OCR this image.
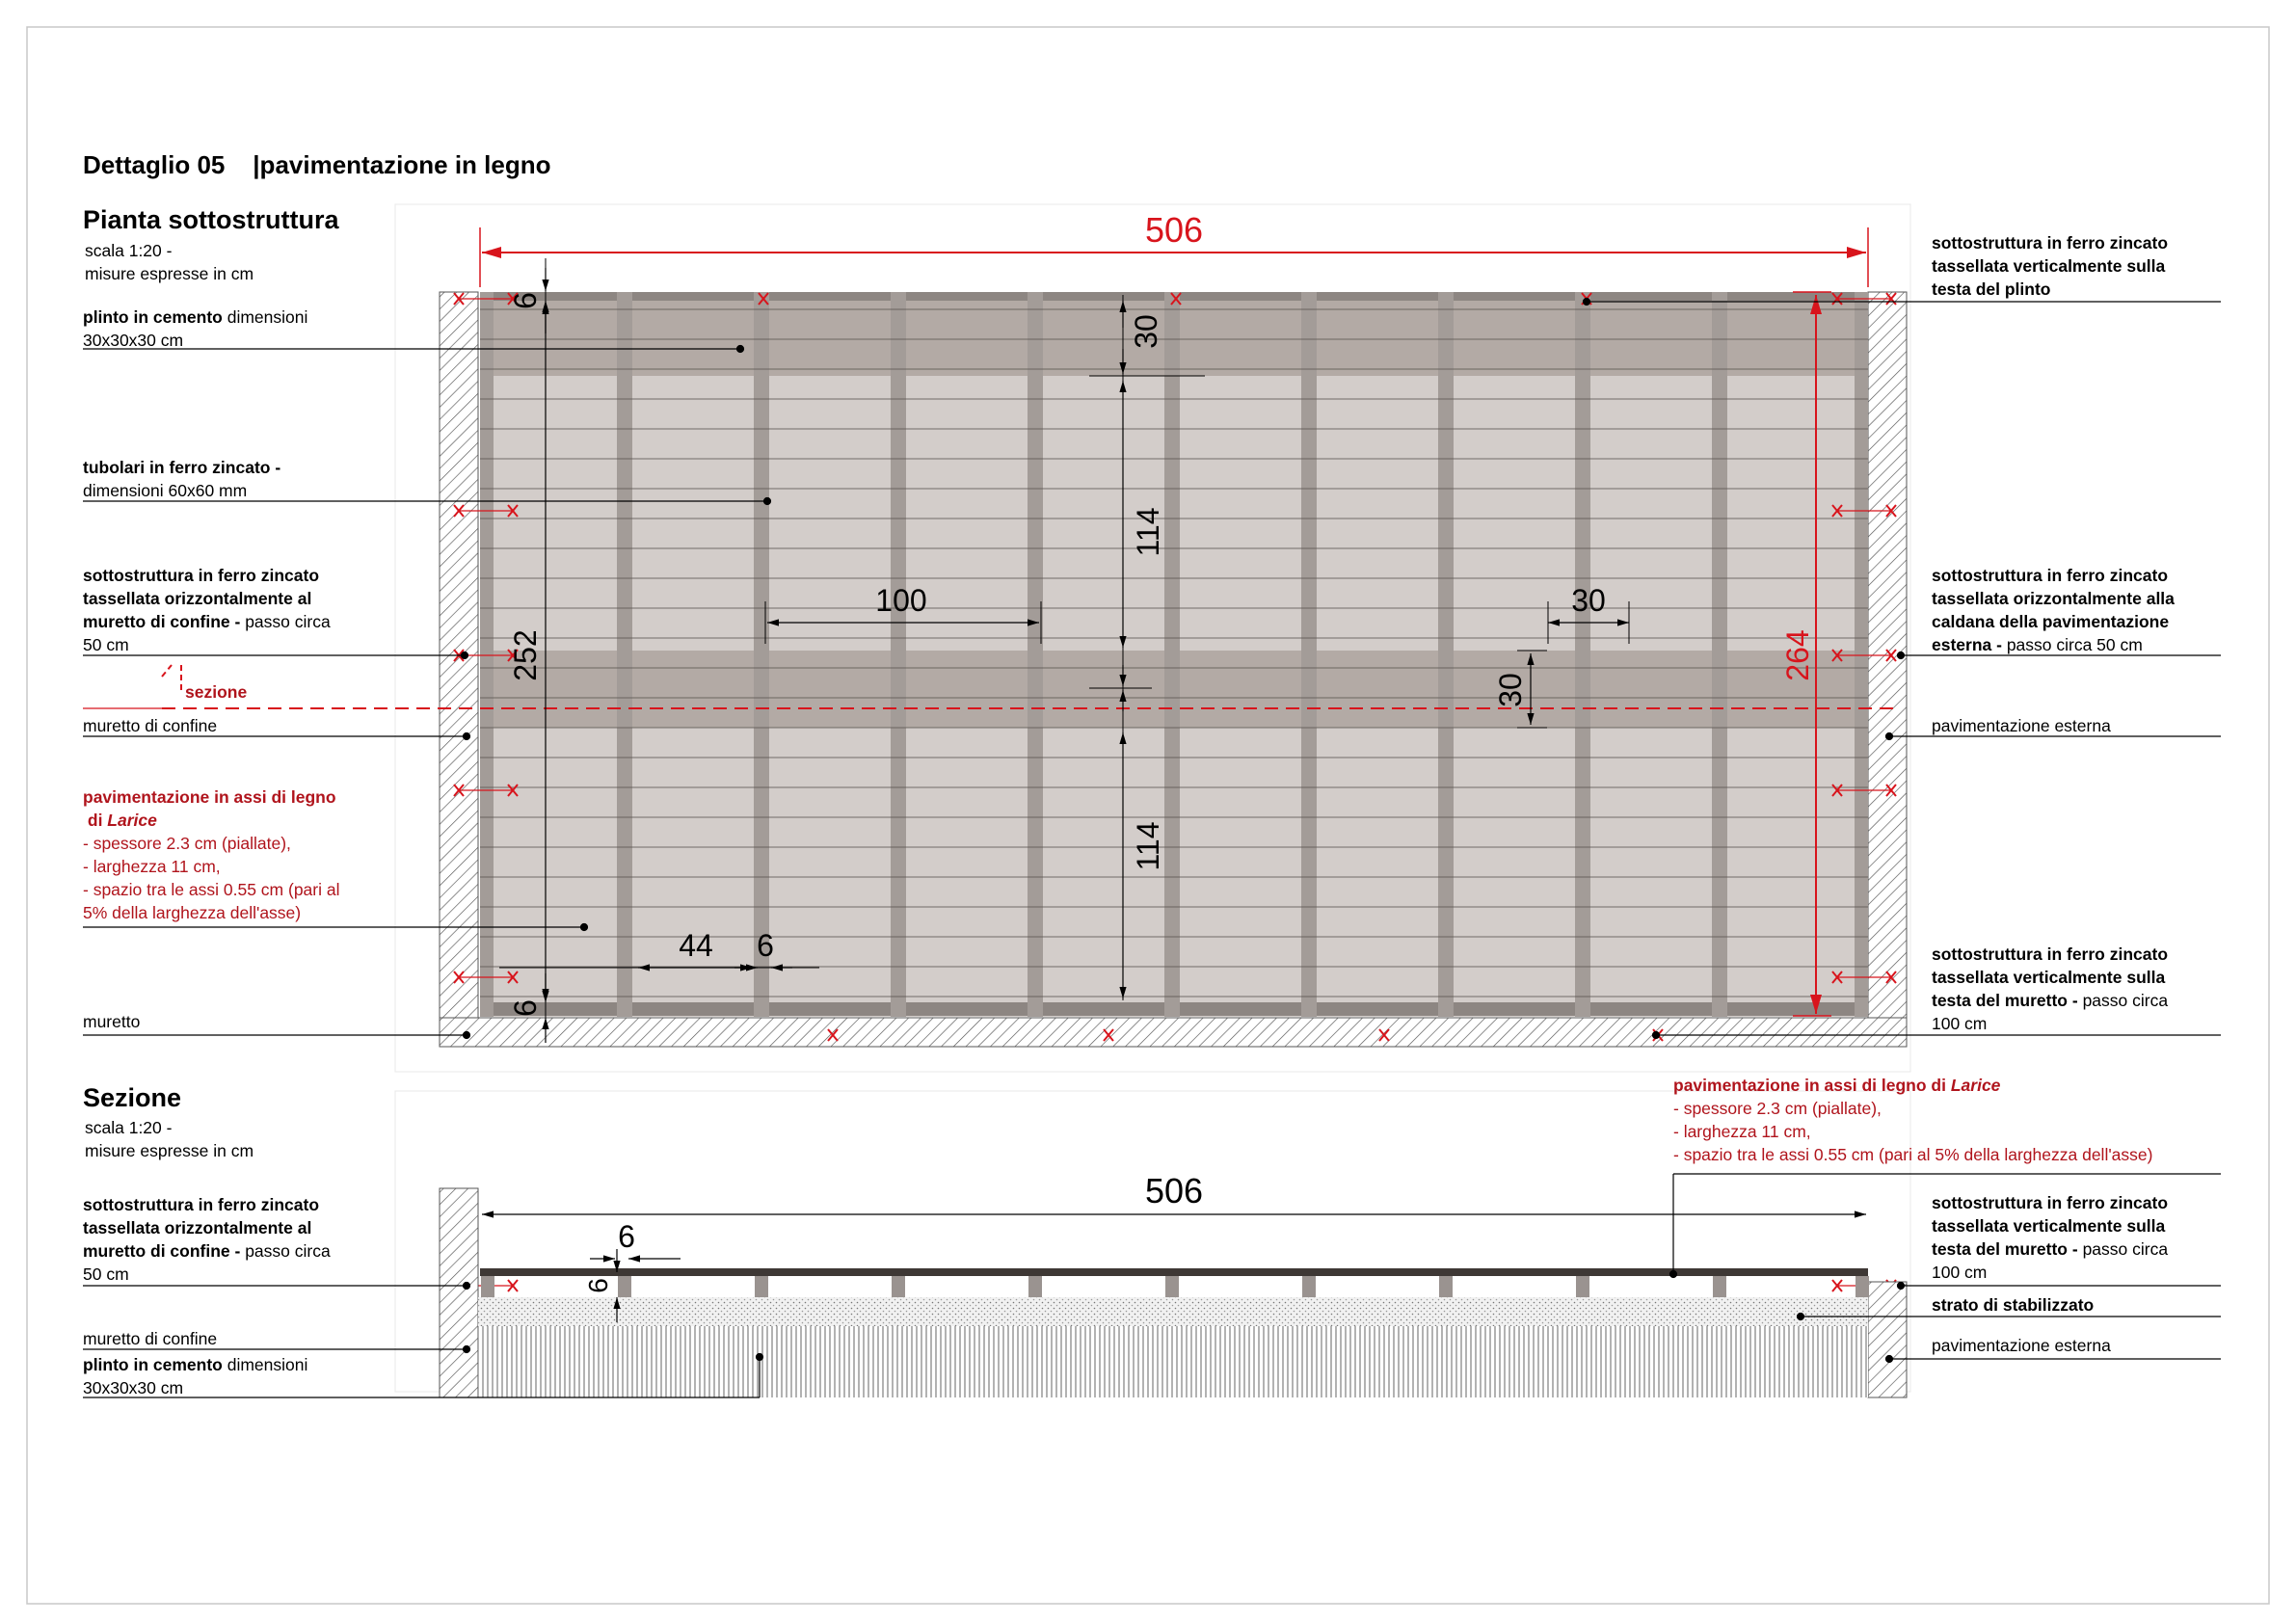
506
264
252
6
6
30
114
114
30
100	30
44 6
506
6
6
Dettaglio 05 |pavimentazione in legno
Pianta sottostruttura
scala 1:20 -
misure espresse in cm
plinto in cemento dimensioni
30x30x30 cm
tubolari in ferro zincato -
dimensioni 60x60 mm
sottostruttura in ferro zincato
tassellata orizzontalmente al
muretto di confine - passo circa
50 cm
sezione
muretto di confine
pavimentazione in assi di legno
di Larice
- spessore 2.3 cm (piallate),
- larghezza 11 cm,
- spazio tra le assi 0.55 cm (pari al
5% della larghezza dell'asse)
muretto
sottostruttura in ferro zincato
tassellata verticalmente sulla
testa del plinto
sottostruttura in ferro zincato
tassellata orizzontalmente alla
caldana della pavimentazione
esterna - passo circa 50 cm
pavimentazione esterna
sottostruttura in ferro zincato
tassellata verticalmente sulla
testa del muretto - passo circa
100 cm
Sezione
scala 1:20 -
misure espresse in cm
sottostruttura in ferro zincato
tassellata orizzontalmente al
muretto di confine - passo circa
50 cm
muretto di confine
plinto in cemento dimensioni
30x30x30 cm
pavimentazione in assi di legno di Larice
- spessore 2.3 cm (piallate),
- larghezza 11 cm,
- spazio tra le assi 0.55 cm (pari al 5% della larghezza dell'asse)
sottostruttura in ferro zincato
tassellata verticalmente sulla
testa del muretto - passo circa
100 cm
strato di stabilizzato
pavimentazione esterna
